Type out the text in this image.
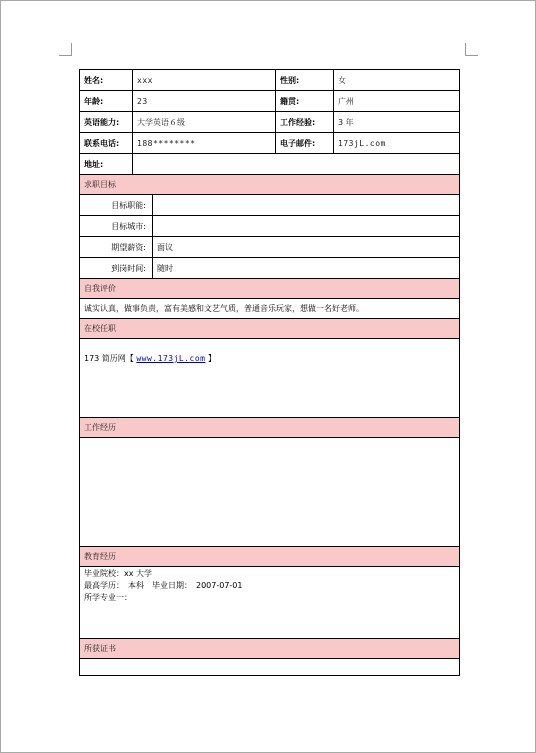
姓名:	xxx		性别:	女
年龄:	23		籍贯:	广州
英语能力:	大学英语６级		工作经验:	3 年
联系电话:	188********		电子邮件:	173jL.com
地址:				
求职目标				
目标职能:				
目标城市:				
期望薪资:		面议		
到岗时间:		随时		
自我评价				
诚实认真，做事负责，富有美感和文艺气质，普通音乐玩家，想做一名好老师。				
在校任职				
173 简历网【 www.173jL.com 】				
工作经历				

教育经历				

毕业院校：xx 大学
最高学历：　本科　毕业日期：　2007-07-01
所学专业一：				

所获证书				
